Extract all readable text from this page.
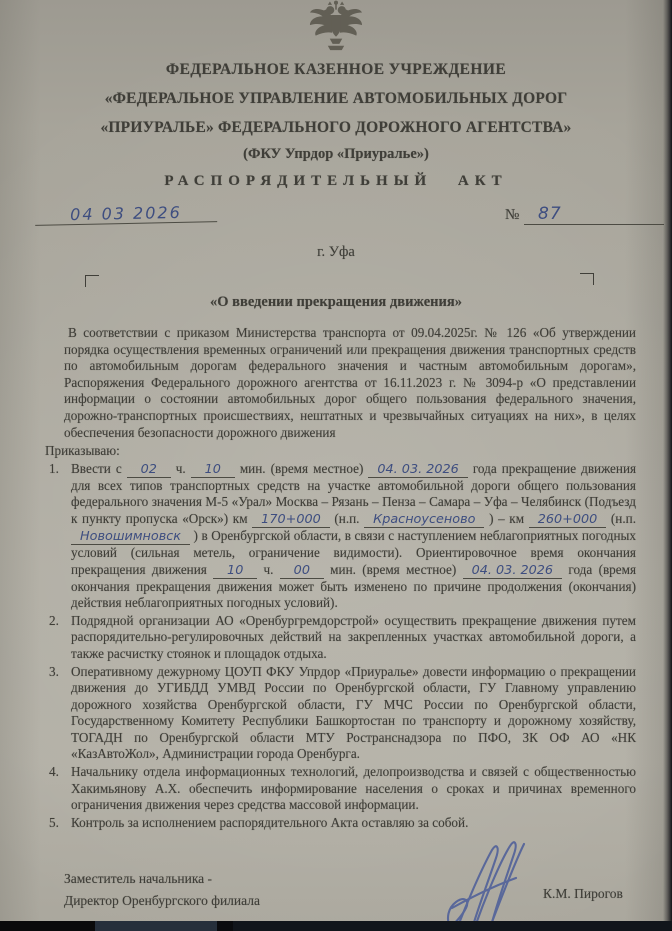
ФЕДЕРАЛЬНОЕ КАЗЕННОЕ УЧРЕЖДЕНИЕ
«ФЕДЕРАЛЬНОЕ УПРАВЛЕНИЕ АВТОМОБИЛЬНЫХ ДОРОГ
«ПРИУРАЛЬЕ» ФЕДЕРАЛЬНОГО ДОРОЖНОГО АГЕНТСТВА»
(ФКУ Упрдор «Приуралье»)
РАСПОРЯДИТЕЛЬНЫЙ АКТ
04 03 2026	№	87
г. Уфа
«О введении прекращения движения»
В соответствии с приказом Министерства транспорта от 09.04.2025г. № 126 «Об утверждении порядка осуществления временных ограничений или прекращения движения транспортных средств по автомобильным дорогам федерального значения и частным автомобильным дорогам», Распоряжения Федерального дорожного агентства от 16.11.2023 г. № 3094-р «О представлении информации о состоянии автомобильных дорог общего пользования федерального значения, дорожно-транспортных происшествиях, нештатных и чрезвычайных ситуациях на них», в целях обеспечения безопасности дорожного движения
Приказываю:
1. Ввести с 02 ч. 10 мин. (время местное) 04. 03. 2026 года прекращение движения для всех типов транспортных средств на участке автомобильной дороги общего пользования федерального значения М-5 «Урал» Москва – Рязань – Пенза – Самара – Уфа – Челябинск (Подъезд к пункту пропуска «Орск») км 170+000 (н.п. Красноусеново ) – км 260+000 (н.п. Новошимновск ) в Оренбургской области, в связи с наступлением неблагоприятных погодных условий (сильная метель, ограничение видимости). Ориентировочное время окончания прекращения движения 10 ч. 00 мин. (время местное) 04. 03. 2026 года (время окончания прекращения движения может быть изменено по причине продолжения (окончания) действия неблагоприятных погодных условий).
2. Подрядной организации АО «Оренбургремдорстрой» осуществить прекращение движения путем распорядительно-регулировочных действий на закрепленных участках автомобильной дороги, а также расчистку стоянок и площадок отдыха.
3. Оперативному дежурному ЦОУП ФКУ Упрдор «Приуралье» довести информацию о прекращении движения до УГИБДД УМВД России по Оренбургской области, ГУ Главному управлению дорожного хозяйства Оренбургской области, ГУ МЧС России по Оренбургской области, Государственному Комитету Республики Башкортостан по транспорту и дорожному хозяйству, ТОГАДН по Оренбургской области МТУ Ространснадзора по ПФО, ЗК ОФ АО «НК «КазАвтоЖол», Администрации города Оренбурга.
4. Начальнику отдела информационных технологий, делопроизводства и связей с общественностью Хакимьянову А.Х. обеспечить информирование населения о сроках и причинах временного ограничения движения через средства массовой информации.
5. Контроль за исполнением распорядительного Акта оставляю за собой.
Заместитель начальника -
Директор Оренбургского филиала	К.М. Пирогов
